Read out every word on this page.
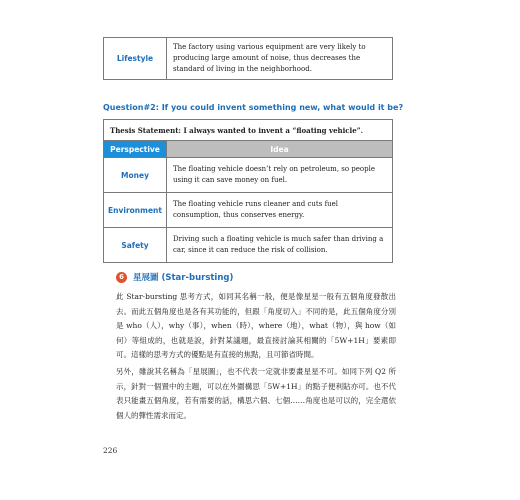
Lifestyle	The factory using various equipment are very likely to producing large amount of noise, thus decreases the standard of living in the neighborhood.
Question#2: If you could invent something new, what would it be?
Thesis Statement: I always wanted to invent a “floating vehicle”.	
Perspective	Idea
Money	The floating vehicle doesn’t rely on petroleum, so people using it can save money on fuel.
Environment	The floating vehicle runs cleaner and cuts fuel consumption, thus conserves energy.
Safety	Driving such a floating vehicle is much safer than driving a car, since it can reduce the risk of collision.
6	星展圖 (Star-bursting)
此 Star-bursting 思考方式，如同其名稱一般，便是像星星一般有五個角度發散出去。而此五個角度也是各有其功能的，但跟「角度切入」不同的是，此五個角度分別是 who（人），why（事），when（時），where（地），what（物），與 how（如何）等組成的，也就是說，針對某議題，最直接討論其相關的「5W+1H」要素即可。這樣的思考方式的優點是有直接的焦點，且可節省時間。
另外，雖說其名稱為「星展圖」，也不代表一定就非要畫星星不可。如同下列 Q2 所示，針對一個置中的主題，可以在外圍構思「5W+1H」的點子便利貼亦可。也不代表只能畫五個角度，若有需要的話，構思六個、七個……角度也是可以的，完全還依個人的彈性需求而定。
226
